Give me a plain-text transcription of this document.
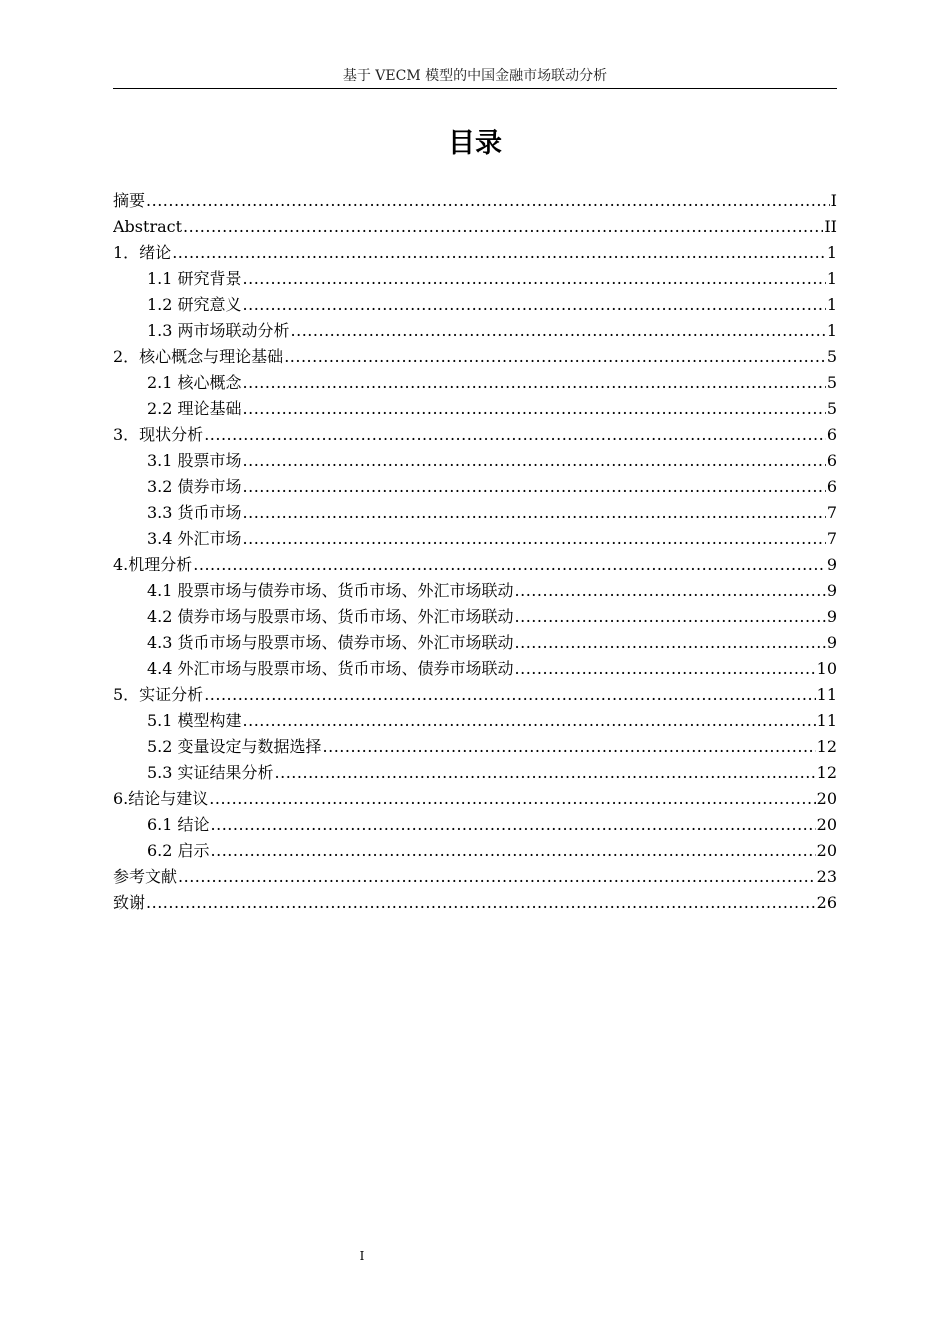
基于 VECM 模型的中国金融市场联动分析
目录
摘要 .....	I
Abstract .....	II
1．绪论 .....	1
1.1 研究背景 .....	1
1.2 研究意义 .....	1
1.3 两市场联动分析 .....	1
2．核心概念与理论基础 .....	5
2.1 核心概念 .....	5
2.2 理论基础 .....	5
3．现状分析 .....	6
3.1 股票市场 .....	6
3.2 债券市场 .....	6
3.3 货币市场 .....	7
3.4 外汇市场 .....	7
4.机理分析 .....	9
4.1 股票市场与债券市场、货币市场、外汇市场联动 .....	9
4.2 债券市场与股票市场、货币市场、外汇市场联动 .....	9
4.3 货币市场与股票市场、债券市场、外汇市场联动 .....	9
4.4 外汇市场与股票市场、货币市场、债券市场联动 .....	10
5．实证分析 .....	11
5.1 模型构建 .....	11
5.2 变量设定与数据选择 .....	12
5.3 实证结果分析 .....	12
6.结论与建议 .....	20
6.1 结论 .....	20
6.2 启示 .....	20
参考文献 .....	23
致谢 .....	26
I
